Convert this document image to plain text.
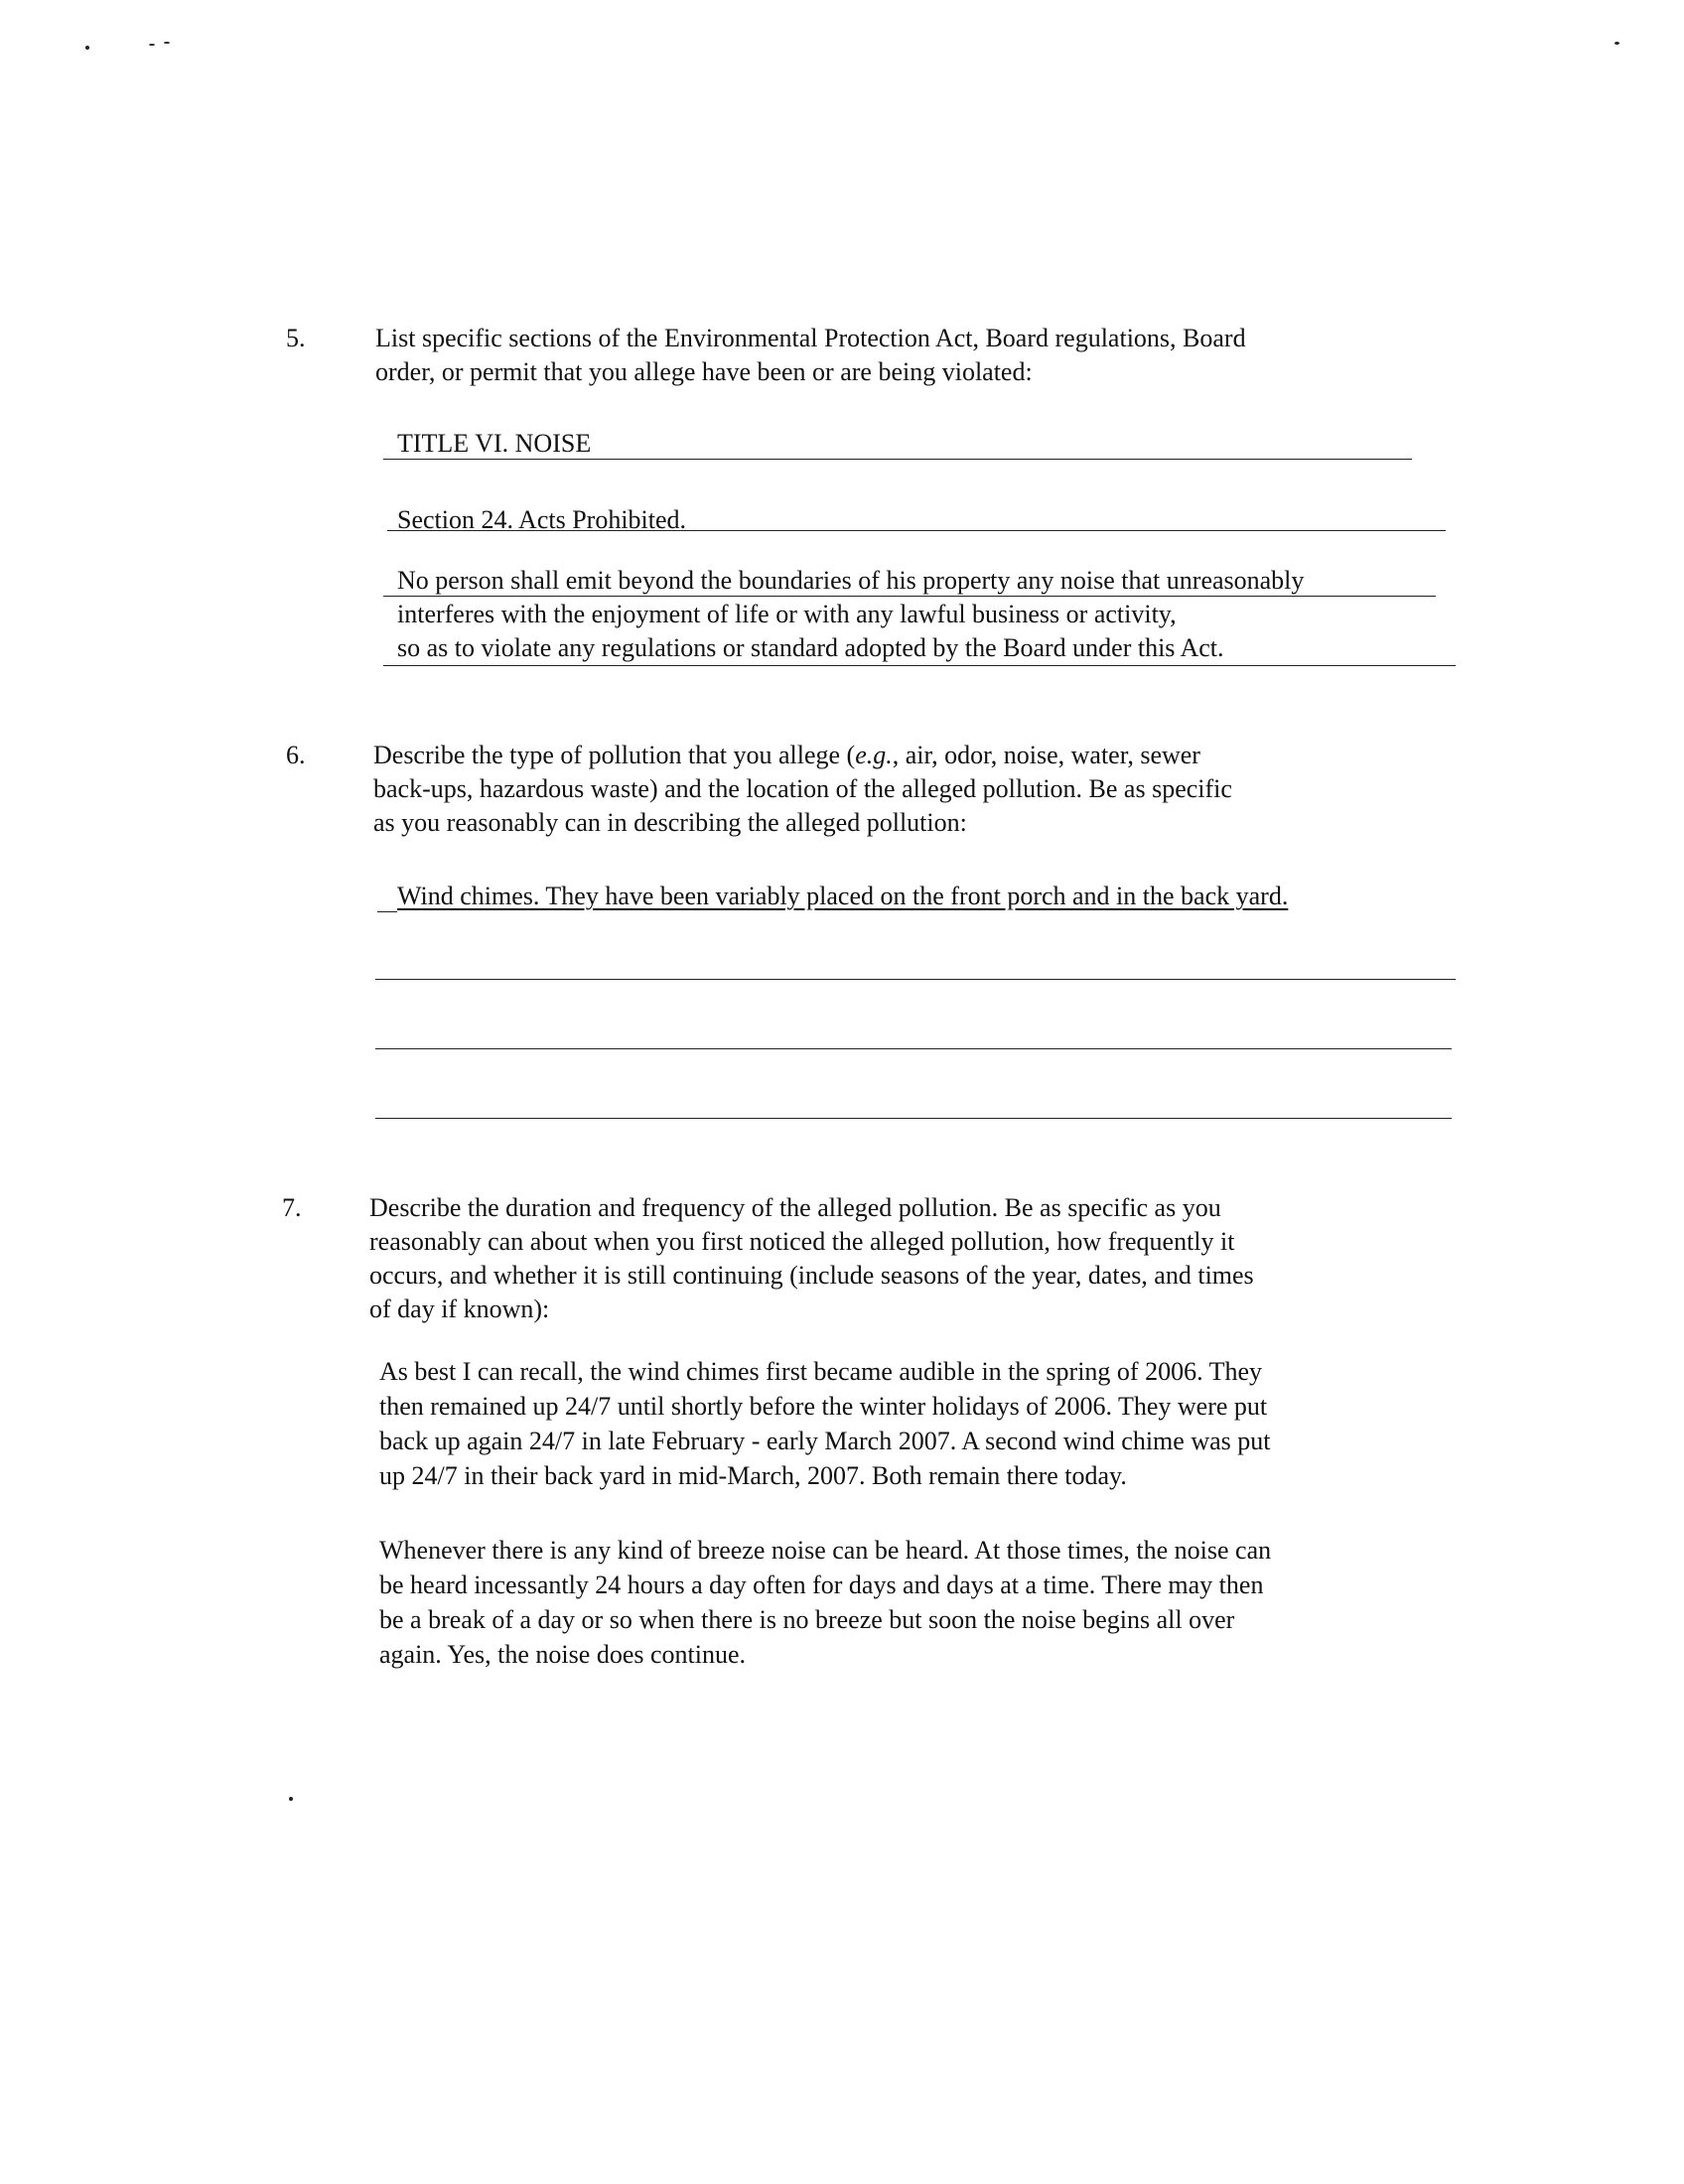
5.	List specific sections of the Environmental Protection Act, Board regulations, Board
order, or permit that you allege have been or are being violated:
TITLE VI. NOISE
Section 24. Acts Prohibited.
No person shall emit beyond the boundaries of his property any noise that unreasonably
interferes with the enjoyment of life or with any lawful business or activity,
so as to violate any regulations or standard adopted by the Board under this Act.
6.	Describe the type of pollution that you allege (e.g., air, odor, noise, water, sewer
back-ups, hazardous waste) and the location of the alleged pollution. Be as specific
as you reasonably can in describing the alleged pollution:
Wind chimes. They have been variably placed on the front porch and in the back yard.
7.	Describe the duration and frequency of the alleged pollution. Be as specific as you
reasonably can about when you first noticed the alleged pollution, how frequently it
occurs, and whether it is still continuing (include seasons of the year, dates, and times
of day if known):
As best I can recall, the wind chimes first became audible in the spring of 2006. They
then remained up 24/7 until shortly before the winter holidays of 2006. They were put
back up again 24/7 in late February - early March 2007. A second wind chime was put
up 24/7 in their back yard in mid-March, 2007. Both remain there today.
Whenever there is any kind of breeze noise can be heard. At those times, the noise can
be heard incessantly 24 hours a day often for days and days at a time. There may then
be a break of a day or so when there is no breeze but soon the noise begins all over
again. Yes, the noise does continue.
